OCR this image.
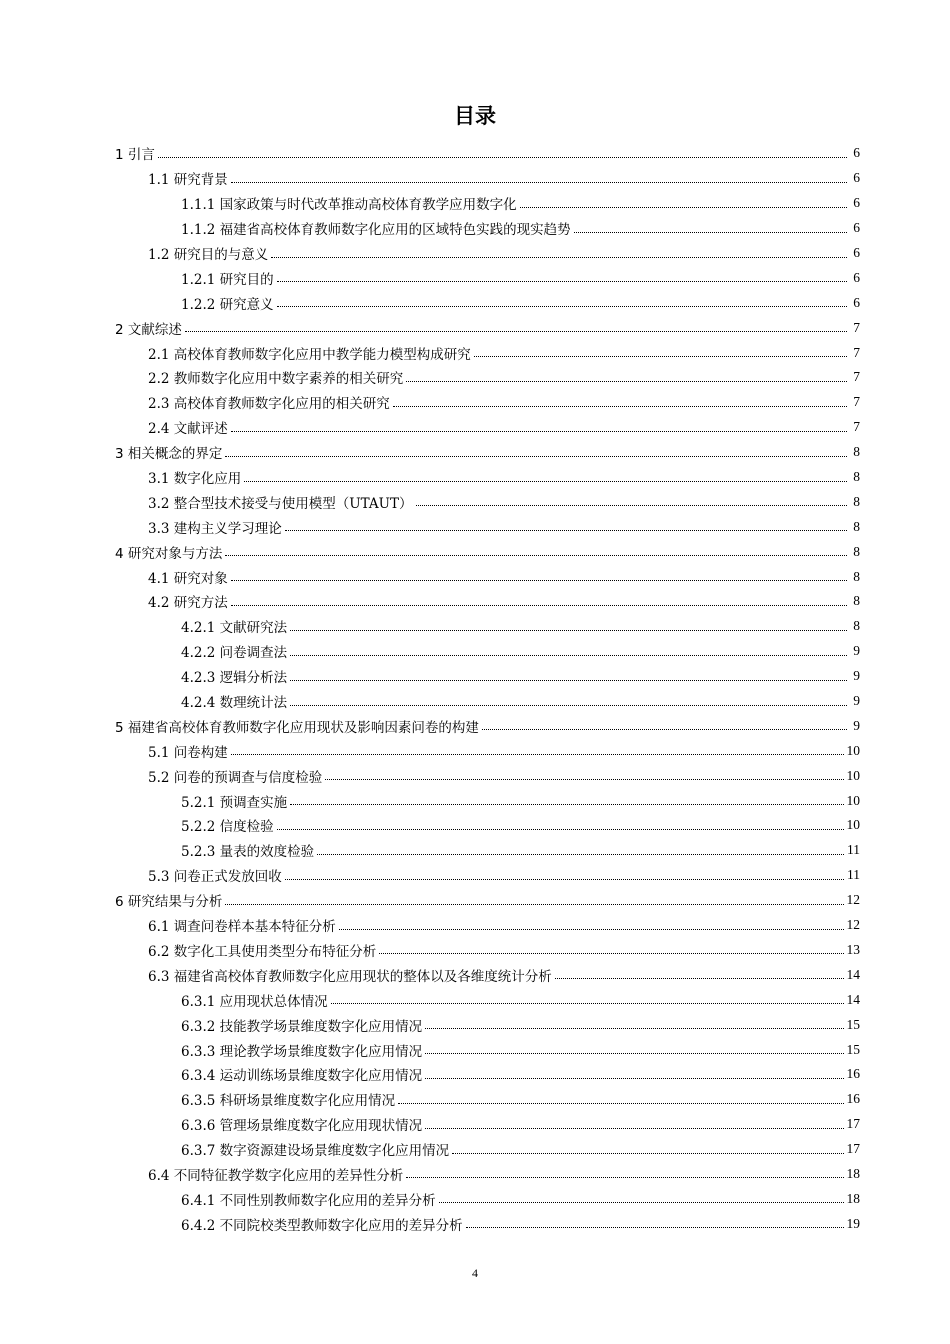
目录
1 引言	6
1.1 研究背景	6
1.1.1 国家政策与时代改革推动高校体育教学应用数字化	6
1.1.2 福建省高校体育教师数字化应用的区域特色实践的现实趋势	6
1.2 研究目的与意义	6
1.2.1 研究目的	6
1.2.2 研究意义	6
2 文献综述	7
2.1 高校体育教师数字化应用中教学能力模型构成研究	7
2.2 教师数字化应用中数字素养的相关研究	7
2.3 高校体育教师数字化应用的相关研究	7
2.4 文献评述	7
3 相关概念的界定	8
3.1 数字化应用	8
3.2 整合型技术接受与使用模型（UTAUT）	8
3.3 建构主义学习理论	8
4 研究对象与方法	8
4.1 研究对象	8
4.2 研究方法	8
4.2.1 文献研究法	8
4.2.2 问卷调查法	9
4.2.3 逻辑分析法	9
4.2.4 数理统计法	9
5 福建省高校体育教师数字化应用现状及影响因素问卷的构建	9
5.1 问卷构建	10
5.2 问卷的预调查与信度检验	10
5.2.1 预调查实施	10
5.2.2 信度检验	10
5.2.3 量表的效度检验	11
5.3 问卷正式发放回收	11
6 研究结果与分析	12
6.1 调查问卷样本基本特征分析	12
6.2 数字化工具使用类型分布特征分析	13
6.3 福建省高校体育教师数字化应用现状的整体以及各维度统计分析	14
6.3.1 应用现状总体情况	14
6.3.2 技能教学场景维度数字化应用情况	15
6.3.3 理论教学场景维度数字化应用情况	15
6.3.4 运动训练场景维度数字化应用情况	16
6.3.5 科研场景维度数字化应用情况	16
6.3.6 管理场景维度数字化应用现状情况	17
6.3.7 数字资源建设场景维度数字化应用情况	17
6.4 不同特征教学数字化应用的差异性分析	18
6.4.1 不同性别教师数字化应用的差异分析	18
6.4.2 不同院校类型教师数字化应用的差异分析	19
4
